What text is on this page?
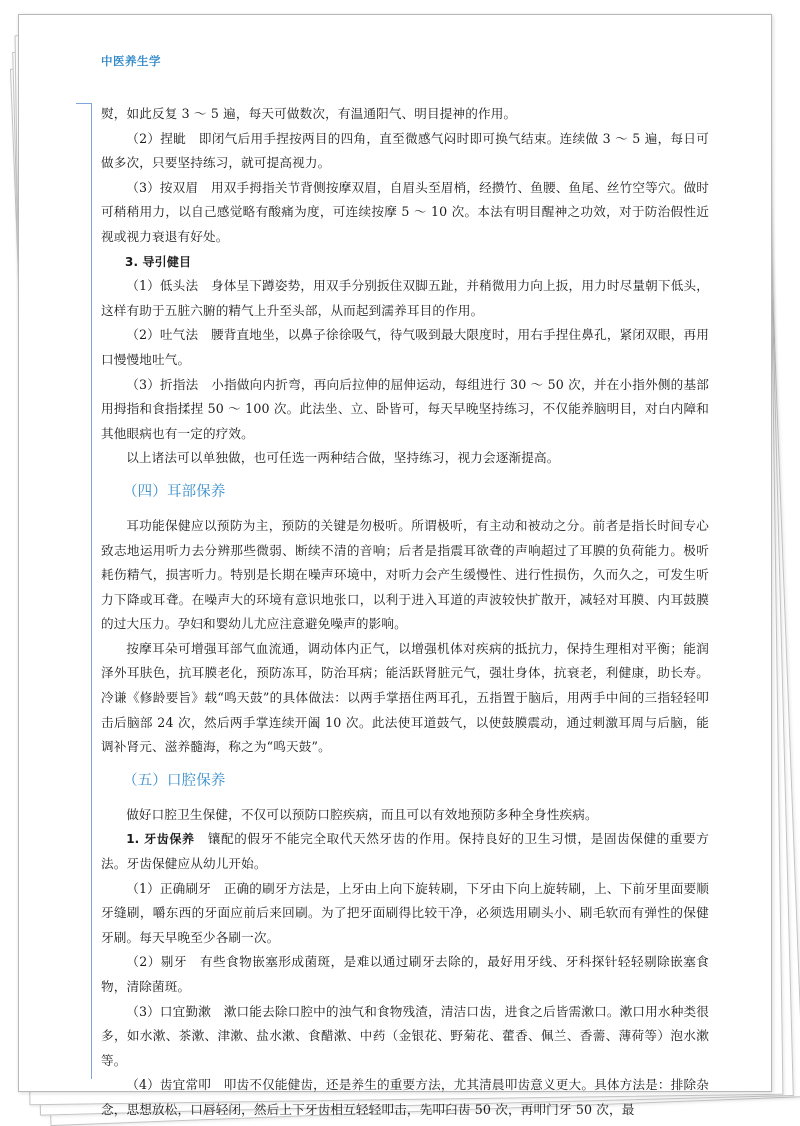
中医养生学

熨，如此反复 3 ～ 5 遍，每天可做数次，有温通阳气、明目提神的作用。

（2）捏眦　即闭气后用手捏按两目的四角，直至微感气闷时即可换气结束。连续做 3 ～ 5 遍，每日可做多次，只要坚持练习，就可提高视力。

（3）按双眉　用双手拇指关节背侧按摩双眉，自眉头至眉梢，经攒竹、鱼腰、鱼尾、丝竹空等穴。做时可稍稍用力，以自己感觉略有酸痛为度，可连续按摩 5 ～ 10 次。本法有明目醒神之功效，对于防治假性近视或视力衰退有好处。

3. 导引健目

（1）低头法　身体呈下蹲姿势，用双手分别扳住双脚五趾，并稍微用力向上扳，用力时尽量朝下低头，这样有助于五脏六腑的精气上升至头部，从而起到濡养耳目的作用。

（2）吐气法　腰背直地坐，以鼻子徐徐吸气，待气吸到最大限度时，用右手捏住鼻孔，紧闭双眼，再用口慢慢地吐气。

（3）折指法　小指做向内折弯，再向后拉伸的屈伸运动，每组进行 30 ～ 50 次，并在小指外侧的基部用拇指和食指揉捏 50 ～ 100 次。此法坐、立、卧皆可，每天早晚坚持练习，不仅能养脑明目，对白内障和其他眼病也有一定的疗效。

以上诸法可以单独做，也可任选一两种结合做，坚持练习，视力会逐渐提高。

（四）耳部保养

耳功能保健应以预防为主，预防的关键是勿极听。所谓极听，有主动和被动之分。前者是指长时间专心致志地运用听力去分辨那些微弱、断续不清的音响；后者是指震耳欲聋的声响超过了耳膜的负荷能力。极听耗伤精气，损害听力。特别是长期在噪声环境中，对听力会产生缓慢性、进行性损伤，久而久之，可发生听力下降或耳聋。在噪声大的环境有意识地张口，以利于进入耳道的声波较快扩散开，减轻对耳膜、内耳鼓膜的过大压力。孕妇和婴幼儿尤应注意避免噪声的影响。

按摩耳朵可增强耳部气血流通，调动体内正气，以增强机体对疾病的抵抗力，保持生理相对平衡；能润泽外耳肤色，抗耳膜老化，预防冻耳，防治耳病；能活跃肾脏元气，强壮身体，抗衰老，利健康，助长寿。冷谦《修龄要旨》载“鸣天鼓”的具体做法：以两手掌捂住两耳孔，五指置于脑后，用两手中间的三指轻轻叩击后脑部 24 次，然后两手掌连续开阖 10 次。此法使耳道鼓气，以使鼓膜震动，通过刺激耳周与后脑，能调补肾元、滋养髓海，称之为“鸣天鼓”。

（五）口腔保养

做好口腔卫生保健，不仅可以预防口腔疾病，而且可以有效地预防多种全身性疾病。

1. 牙齿保养　镶配的假牙不能完全取代天然牙齿的作用。保持良好的卫生习惯，是固齿保健的重要方法。牙齿保健应从幼儿开始。

（1）正确刷牙　正确的刷牙方法是，上牙由上向下旋转刷，下牙由下向上旋转刷，上、下前牙里面要顺牙缝刷，嚼东西的牙面应前后来回刷。为了把牙面刷得比较干净，必须选用刷头小、刷毛软而有弹性的保健牙刷。每天早晚至少各刷一次。

（2）剔牙　有些食物嵌塞形成菌斑，是难以通过刷牙去除的，最好用牙线、牙科探针轻轻剔除嵌塞食物，清除菌斑。

（3）口宜勤漱　漱口能去除口腔中的浊气和食物残渣，清洁口齿，进食之后皆需漱口。漱口用水种类很多，如水漱、茶漱、津漱、盐水漱、食醋漱、中药（金银花、野菊花、藿香、佩兰、香薷、薄荷等）泡水漱等。

（4）齿宜常叩　叩齿不仅能健齿，还是养生的重要方法，尤其清晨叩齿意义更大。具体方法是：排除杂念，思想放松，口唇轻闭，然后上下牙齿相互轻轻叩击，先叩臼齿 50 次，再叩门牙 50 次，最
